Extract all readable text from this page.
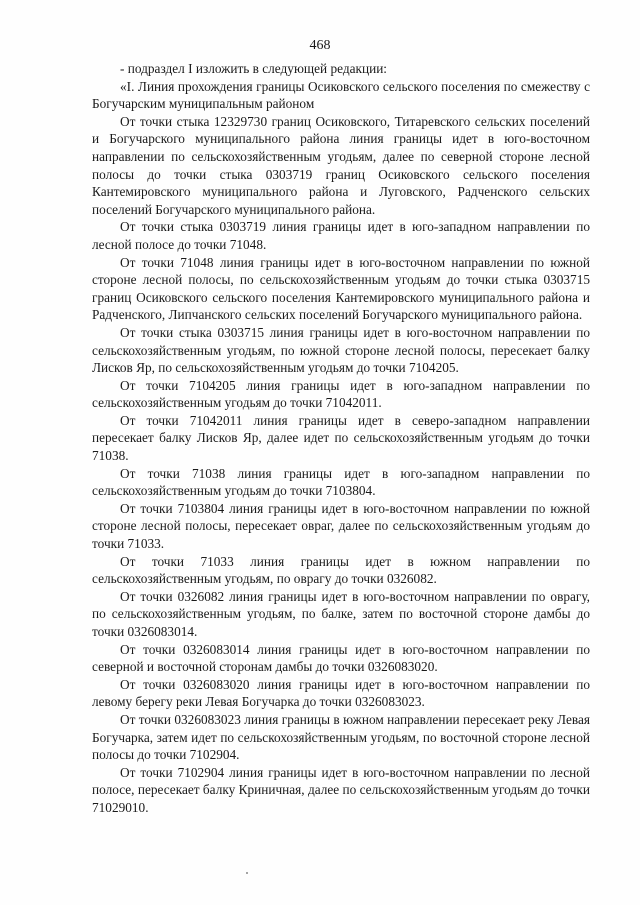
468

- подраздел I изложить в следующей редакции:

«I. Линия прохождения границы Осиковского сельского поселения по смежеству с Богучарским муниципальным районом

От точки стыка 12329730 границ Осиковского, Титаревского сельских поселений и Богучарского муниципального района линия границы идет в юго-восточном направлении по сельскохозяйственным угодьям, далее по северной стороне лесной полосы до точки стыка 0303719 границ Осиковского сельского поселения Кантемировского муниципального района и Луговского, Радченского сельских поселений Богучарского муниципального района.

От точки стыка 0303719 линия границы идет в юго-западном направлении по лесной полосе до точки 71048.

От точки 71048 линия границы идет в юго-восточном направлении по южной стороне лесной полосы, по сельскохозяйственным угодьям до точки стыка 0303715 границ Осиковского сельского поселения Кантемировского муниципального района и Радченского, Липчанского сельских поселений Богучарского муниципального района.

От точки стыка 0303715 линия границы идет в юго-восточном направлении по сельскохозяйственным угодьям, по южной стороне лесной полосы, пересекает балку Лисков Яр, по сельскохозяйственным угодьям до точки 7104205.

От точки 7104205 линия границы идет в юго-западном направлении по сельскохозяйственным угодьям до точки 71042011.

От точки 71042011 линия границы идет в северо-западном направлении пересекает балку Лисков Яр, далее идет по сельскохозяйственным угодьям до точки 71038.

От точки 71038 линия границы идет в юго-западном направлении по сельскохозяйственным угодьям до точки 7103804.

От точки 7103804 линия границы идет в юго-восточном направлении по южной стороне лесной полосы, пересекает овраг, далее по сельскохозяйственным угодьям до точки 71033.

От точки 71033 линия границы идет в южном направлении по сельскохозяйственным угодьям, по оврагу до точки 0326082.

От точки 0326082 линия границы идет в юго-восточном направлении по оврагу, по сельскохозяйственным угодьям, по балке, затем по восточной стороне дамбы до точки 0326083014.

От точки 0326083014 линия границы идет в юго-восточном направлении по северной и восточной сторонам дамбы до точки 0326083020.

От точки 0326083020 линия границы идет в юго-восточном направлении по левому берегу реки Левая Богучарка до точки 0326083023.

От точки 0326083023 линия границы в южном направлении пересекает реку Левая Богучарка, затем идет по сельскохозяйственным угодьям, по восточной стороне лесной полосы до точки 7102904.

От точки 7102904 линия границы идет в юго-восточном направлении по лесной полосе, пересекает балку Криничная, далее по сельскохозяйственным угодьям до точки 71029010.
